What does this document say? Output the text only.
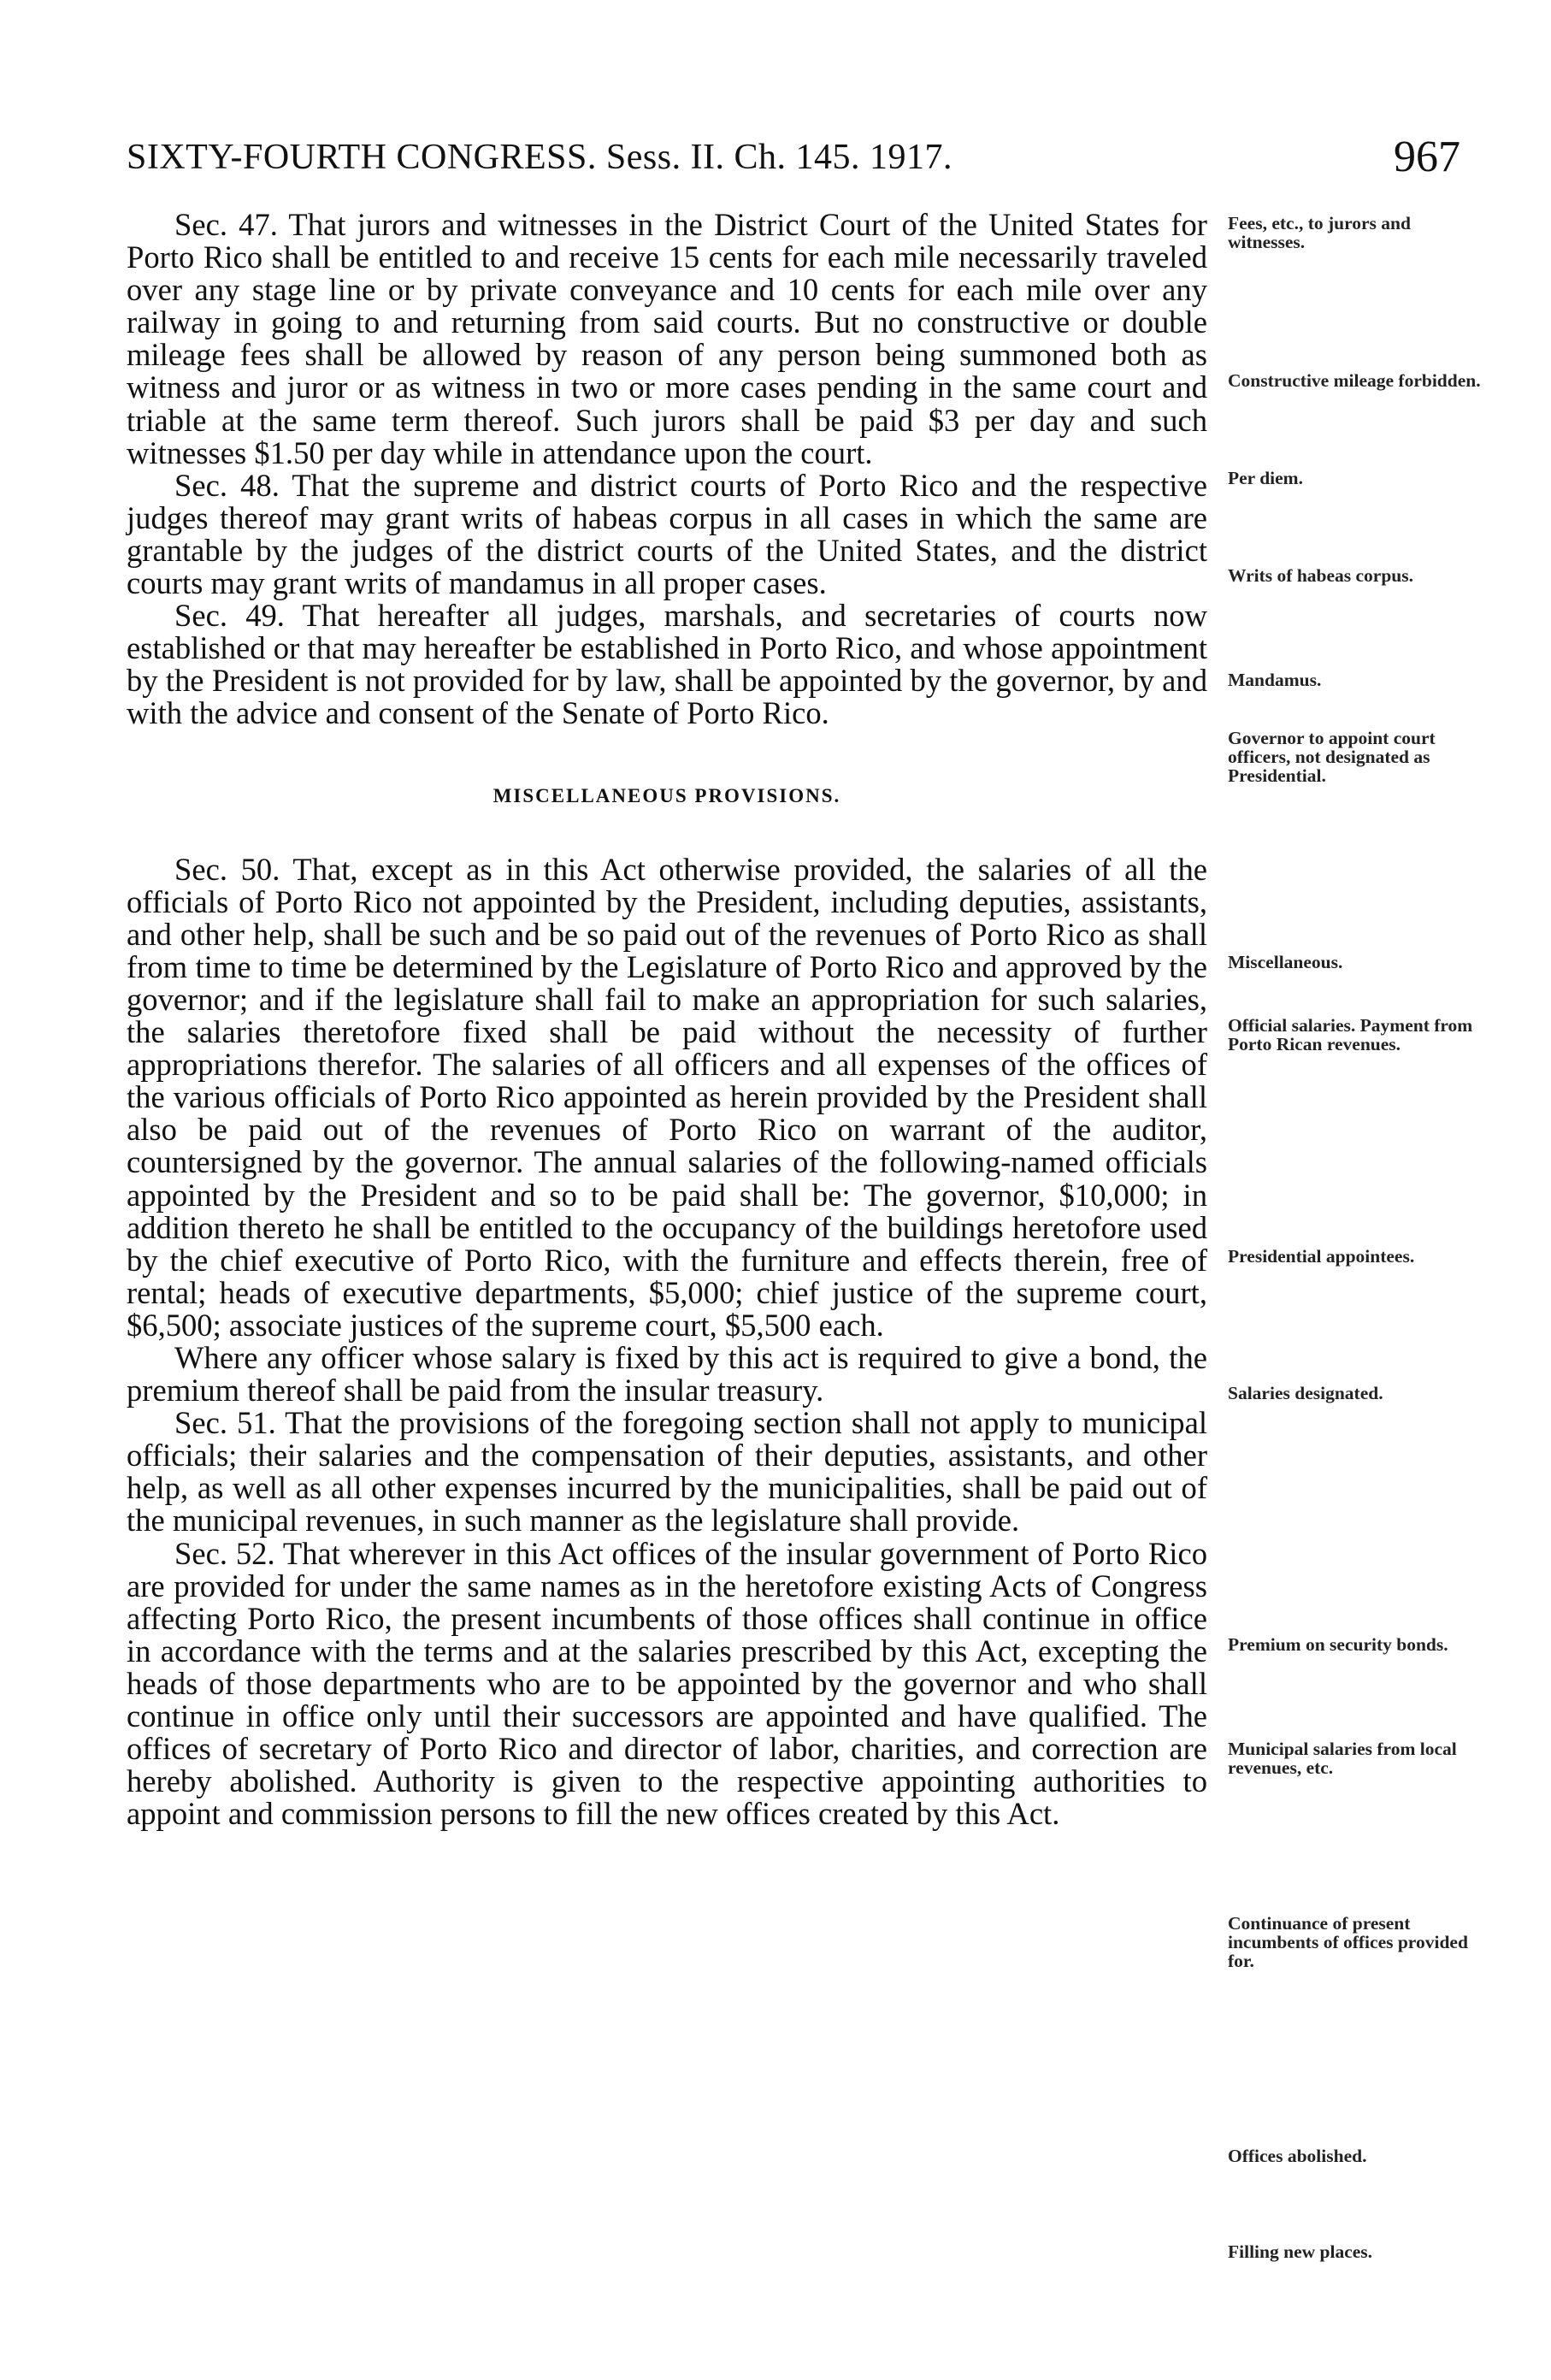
SIXTY-FOURTH CONGRESS. Sess. II. Ch. 145. 1917.	967

Sec. 47. That jurors and witnesses in the District Court of the United States for Porto Rico shall be entitled to and receive 15 cents for each mile necessarily traveled over any stage line or by private conveyance and 10 cents for each mile over any railway in going to and returning from said courts. But no constructive or double mileage fees shall be allowed by reason of any person being summoned both as witness and juror or as witness in two or more cases pending in the same court and triable at the same term thereof. Such jurors shall be paid $3 per day and such witnesses $1.50 per day while in attendance upon the court.

Sec. 48. That the supreme and district courts of Porto Rico and the respective judges thereof may grant writs of habeas corpus in all cases in which the same are grantable by the judges of the district courts of the United States, and the district courts may grant writs of mandamus in all proper cases.

Sec. 49. That hereafter all judges, marshals, and secretaries of courts now established or that may hereafter be established in Porto Rico, and whose appointment by the President is not provided for by law, shall be appointed by the governor, by and with the advice and consent of the Senate of Porto Rico.

MISCELLANEOUS PROVISIONS.

Sec. 50. That, except as in this Act otherwise provided, the salaries of all the officials of Porto Rico not appointed by the President, including deputies, assistants, and other help, shall be such and be so paid out of the revenues of Porto Rico as shall from time to time be determined by the Legislature of Porto Rico and approved by the governor; and if the legislature shall fail to make an appropriation for such salaries, the salaries theretofore fixed shall be paid without the necessity of further appropriations therefor. The salaries of all officers and all expenses of the offices of the various officials of Porto Rico appointed as herein provided by the President shall also be paid out of the revenues of Porto Rico on warrant of the auditor, countersigned by the governor. The annual salaries of the following-named officials appointed by the President and so to be paid shall be: The governor, $10,000; in addition thereto he shall be entitled to the occupancy of the buildings heretofore used by the chief executive of Porto Rico, with the furniture and effects therein, free of rental; heads of executive departments, $5,000; chief justice of the supreme court, $6,500; associate justices of the supreme court, $5,500 each.

Where any officer whose salary is fixed by this act is required to give a bond, the premium thereof shall be paid from the insular treasury.

Sec. 51. That the provisions of the foregoing section shall not apply to municipal officials; their salaries and the compensation of their deputies, assistants, and other help, as well as all other expenses incurred by the municipalities, shall be paid out of the municipal revenues, in such manner as the legislature shall provide.

Sec. 52. That wherever in this Act offices of the insular government of Porto Rico are provided for under the same names as in the heretofore existing Acts of Congress affecting Porto Rico, the present incumbents of those offices shall continue in office in accordance with the terms and at the salaries prescribed by this Act, excepting the heads of those departments who are to be appointed by the governor and who shall continue in office only until their successors are appointed and have qualified. The offices of secretary of Porto Rico and director of labor, charities, and correction are hereby abolished. Authority is given to the respective appointing authorities to appoint and commission persons to fill the new offices created by this Act.

Fees, etc., to jurors and witnesses.
Constructive mileage forbidden.
Per diem.
Writs of habeas corpus.
Mandamus.
Governor to appoint court officers, not designated as Presidential.
Miscellaneous.
Official salaries. Payment from Porto Rican revenues.
Presidential appointees.
Salaries designated.
Premium on security bonds.
Municipal salaries from local revenues, etc.
Continuance of present incumbents of offices provided for.
Offices abolished.
Filling new places.
